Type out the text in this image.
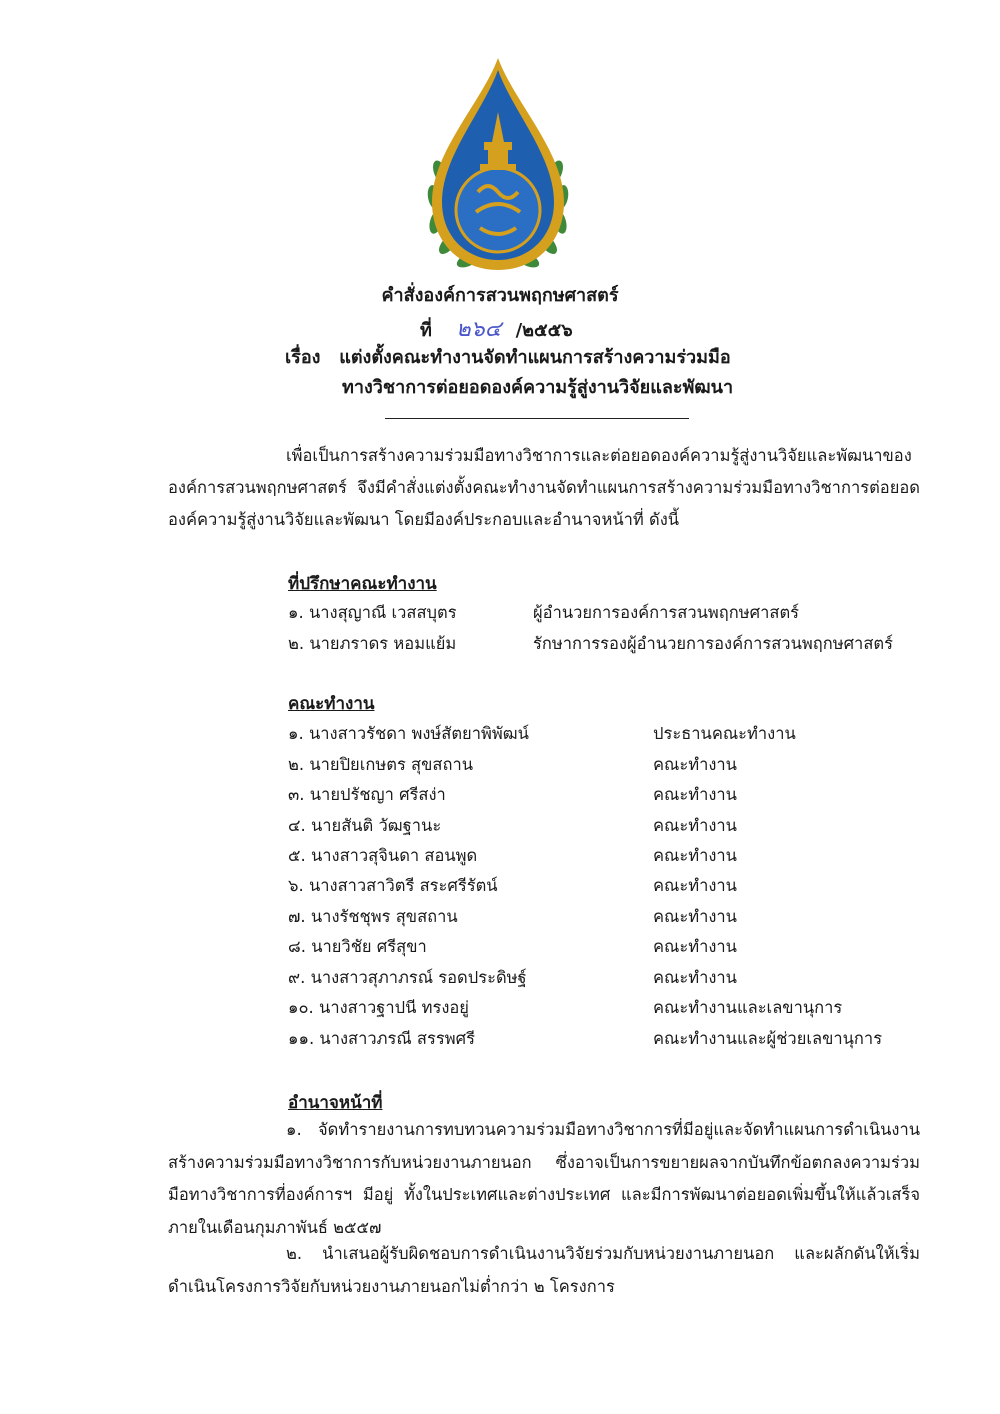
คำสั่งองค์การสวนพฤกษศาสตร์
ที่ ๒๖๔ /๒๕๕๖
เรื่อง แต่งตั้งคณะทำงานจัดทำแผนการสร้างความร่วมมือ
ทางวิชาการต่อยอดองค์ความรู้สู่งานวิจัยและพัฒนา
เพื่อเป็นการสร้างความร่วมมือทางวิชาการและต่อยอดองค์ความรู้สู่งานวิจัยและพัฒนาขององค์การสวนพฤกษศาสตร์ จึงมีคำสั่งแต่งตั้งคณะทำงานจัดทำแผนการสร้างความร่วมมือทางวิชาการต่อยอดองค์ความรู้สู่งานวิจัยและพัฒนา โดยมีองค์ประกอบและอำนาจหน้าที่ ดังนี้
ที่ปรึกษาคณะทำงาน
๑. นางสุญาณี เวสสบุตร	ผู้อำนวยการองค์การสวนพฤกษศาสตร์
๒. นายภราดร หอมแย้ม	รักษาการรองผู้อำนวยการองค์การสวนพฤกษศาสตร์
คณะทำงาน
๑. นางสาวรัชดา พงษ์สัตยาพิพัฒน์	ประธานคณะทำงาน
๒. นายปิยเกษตร สุขสถาน	คณะทำงาน
๓. นายปรัชญา ศรีสง่า	คณะทำงาน
๔. นายสันติ วัฒฐานะ	คณะทำงาน
๕. นางสาวสุจินดา สอนพูด	คณะทำงาน
๖. นางสาวสาวิตรี สระศรีรัตน์	คณะทำงาน
๗. นางรัชชุพร สุขสถาน	คณะทำงาน
๘. นายวิชัย ศรีสุขา	คณะทำงาน
๙. นางสาวสุภาภรณ์ รอดประดิษฐ์	คณะทำงาน
๑๐. นางสาวฐาปนี ทรงอยู่	คณะทำงานและเลขานุการ
๑๑. นางสาวภรณี สรรพศรี	คณะทำงานและผู้ช่วยเลขานุการ
อำนาจหน้าที่
๑. จัดทำรายงานการทบทวนความร่วมมือทางวิชาการที่มีอยู่และจัดทำแผนการดำเนินงานสร้างความร่วมมือทางวิชาการกับหน่วยงานภายนอก ซึ่งอาจเป็นการขยายผลจากบันทึกข้อตกลงความร่วมมือทางวิชาการที่องค์การฯ มีอยู่ ทั้งในประเทศและต่างประเทศ และมีการพัฒนาต่อยอดเพิ่มขึ้นให้แล้วเสร็จภายในเดือนกุมภาพันธ์ ๒๕๕๗
๒. นำเสนอผู้รับผิดชอบการดำเนินงานวิจัยร่วมกับหน่วยงานภายนอก และผลักดันให้เริ่มดำเนินโครงการวิจัยกับหน่วยงานภายนอกไม่ต่ำกว่า ๒ โครงการ
